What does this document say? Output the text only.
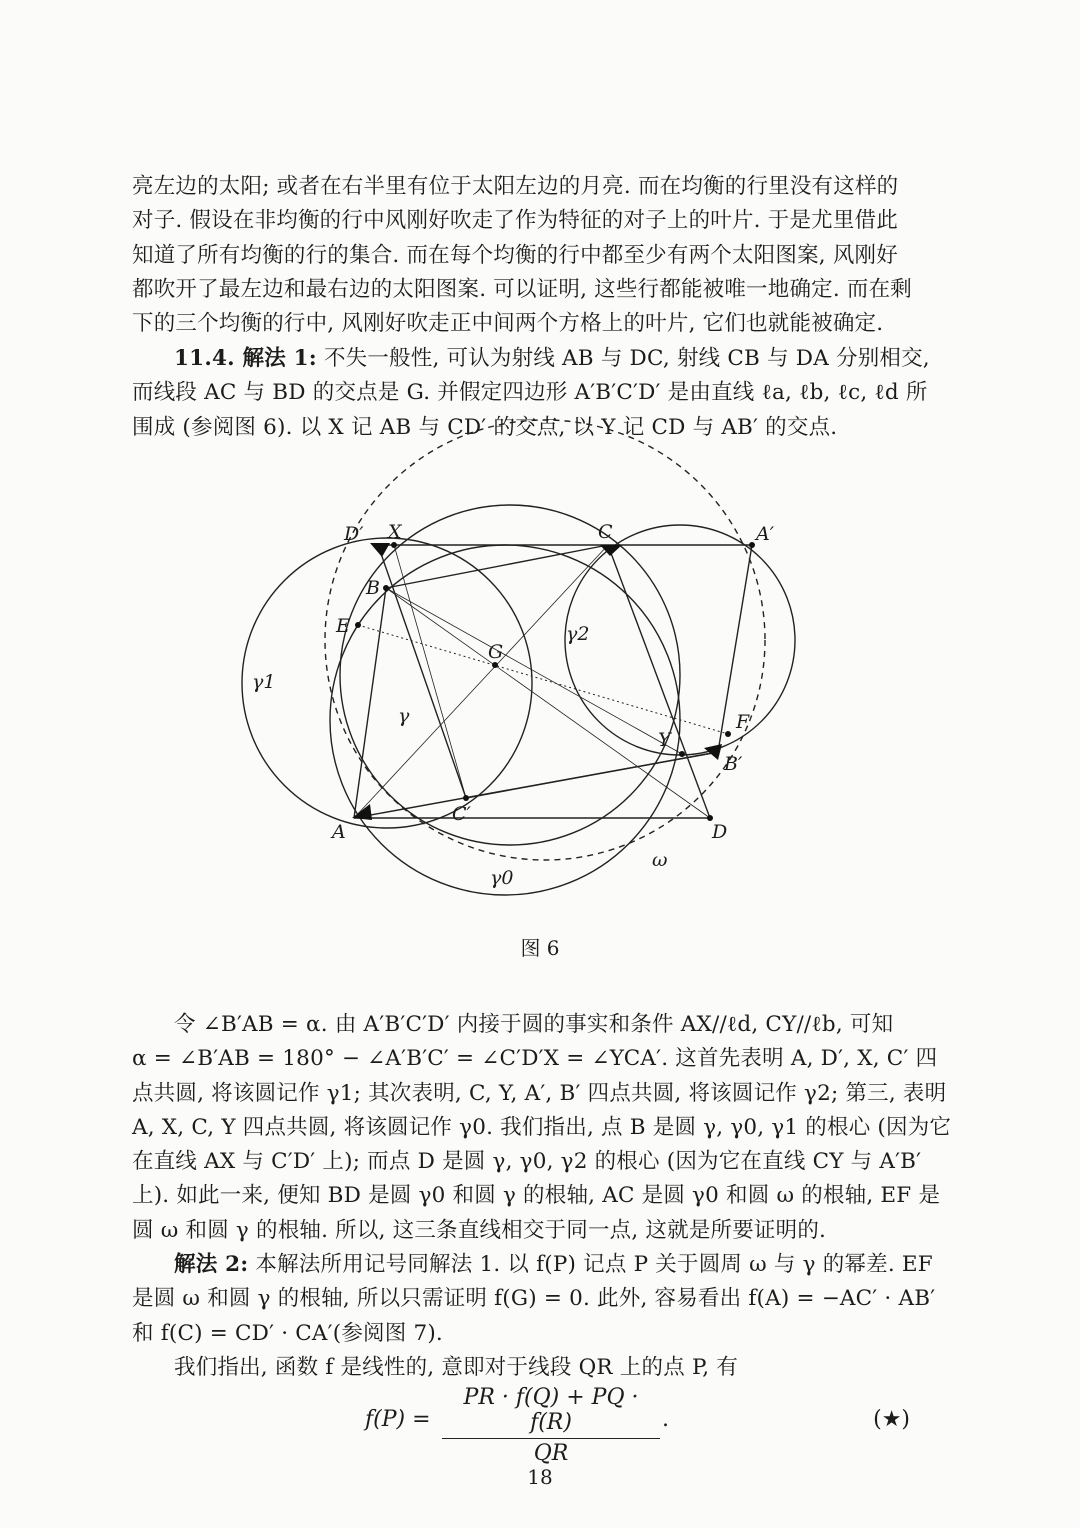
亮左边的太阳; 或者在右半里有位于太阳左边的月亮. 而在均衡的行里没有这样的
对子. 假设在非均衡的行中风刚好吹走了作为特征的对子上的叶片. 于是尤里借此
知道了所有均衡的行的集合. 而在每个均衡的行中都至少有两个太阳图案, 风刚好
都吹开了最左边和最右边的太阳图案. 可以证明, 这些行都能被唯一地确定. 而在剩
下的三个均衡的行中, 风刚好吹走正中间两个方格上的叶片, 它们也就能被确定.
11.4. 解法 1: 不失一般性, 可认为射线 AB 与 DC, 射线 CB 与 DA 分别相交,
而线段 AC 与 BD 的交点是 G. 并假定四边形 A′B′C′D′ 是由直线 ℓa, ℓb, ℓc, ℓd 所
围成 (参阅图 6). 以 X 记 AB 与 CD′ 的交点, 以 Y 记 CD 与 AB′ 的交点.
D′ X	C	A′
B
E
G
γ2
γ1
γ	F
Y
B′
A
C′
D
ω
γ0
图 6
令 ∠B′AB = α. 由 A′B′C′D′ 内接于圆的事实和条件 AX//ℓd, CY//ℓb, 可知
α = ∠B′AB = 180° − ∠A′B′C′ = ∠C′D′X = ∠YCA′. 这首先表明 A, D′, X, C′ 四
点共圆, 将该圆记作 γ1; 其次表明, C, Y, A′, B′ 四点共圆, 将该圆记作 γ2; 第三, 表明
A, X, C, Y 四点共圆, 将该圆记作 γ0. 我们指出, 点 B 是圆 γ, γ0, γ1 的根心 (因为它
在直线 AX 与 C′D′ 上); 而点 D 是圆 γ, γ0, γ2 的根心 (因为它在直线 CY 与 A′B′
上). 如此一来, 便知 BD 是圆 γ0 和圆 γ 的根轴, AC 是圆 γ0 和圆 ω 的根轴, EF 是
圆 ω 和圆 γ 的根轴. 所以, 这三条直线相交于同一点, 这就是所要证明的.
解法 2: 本解法所用记号同解法 1. 以 f(P) 记点 P 关于圆周 ω 与 γ 的幂差. EF
是圆 ω 和圆 γ 的根轴, 所以只需证明 f(G) = 0. 此外, 容易看出 f(A) = −AC′ · AB′
和 f(C) = CD′ · CA′(参阅图 7).
我们指出, 函数 f 是线性的, 意即对于线段 QR 上的点 P, 有
f(P) =
PR · f(Q) + PQ · f(R)
QR
.	(★)
18
